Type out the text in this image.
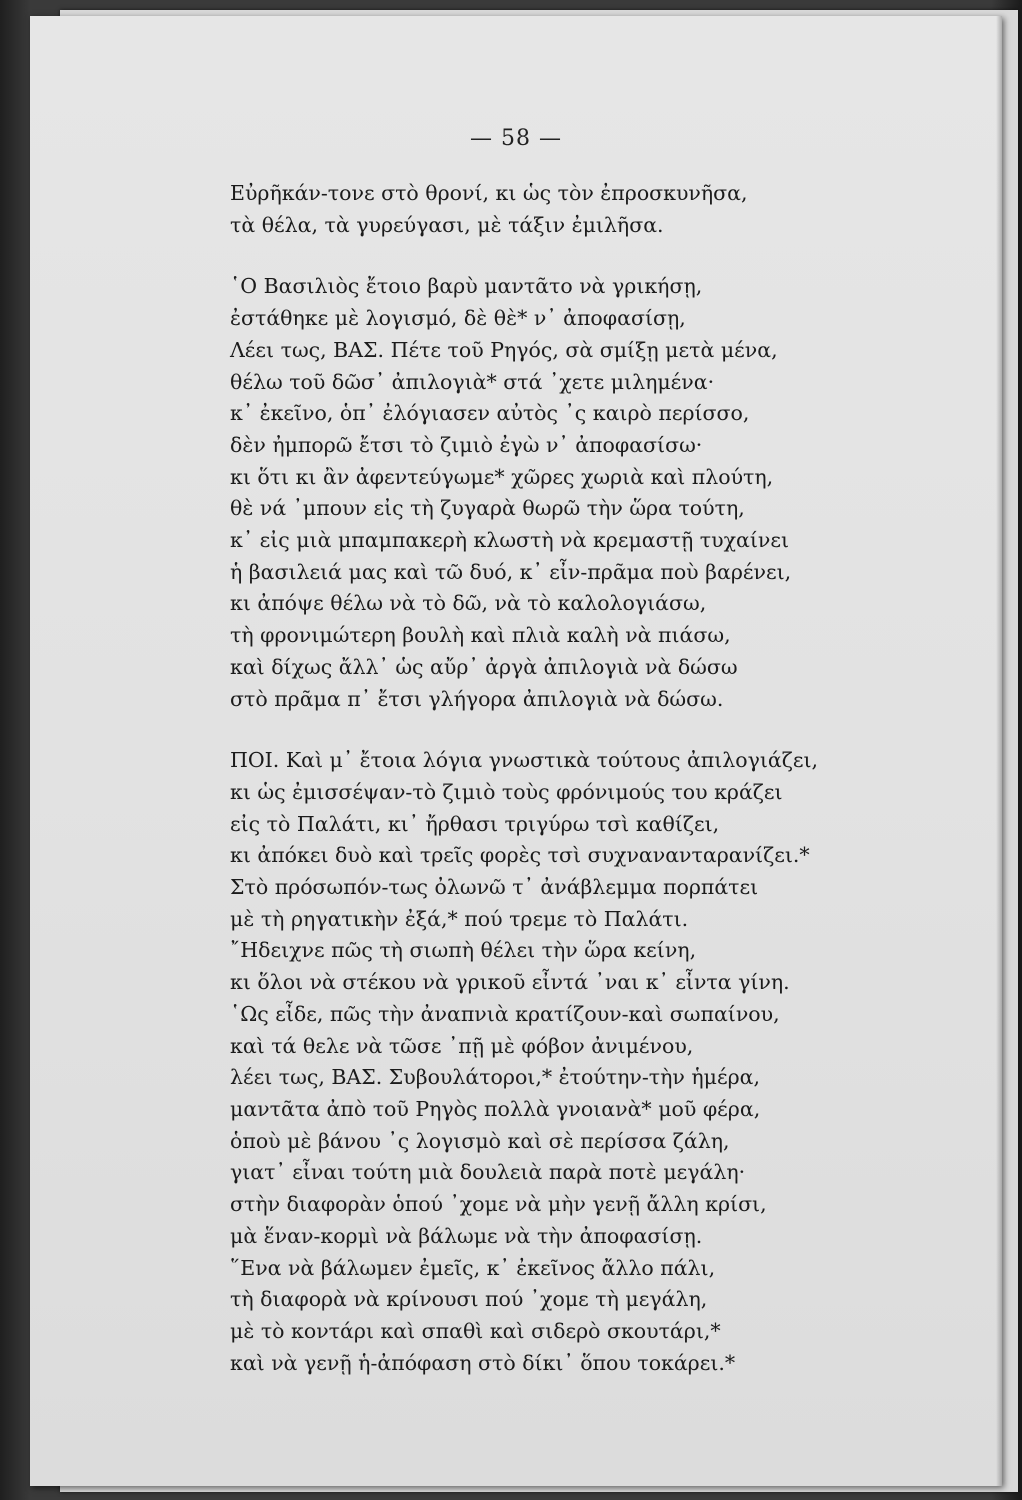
— 58 —
Εὐρῆκάν-τονε στὸ θρονί, κι ὡς τὸν ἐπροσκυνῆσα,
τὰ θέλα, τὰ γυρεύγασι, μὲ τάξιν ἐμιλῆσα.
῾Ο Βασιλιὸς ἔτοιο βαρὺ μαντᾶτο νὰ γρικήσῃ,
ἐστάθηκε μὲ λογισμό, δὲ θὲ* ν᾽ ἀποφασίσῃ,
Λέει τως, ΒΑΣ. Πέτε τοῦ Ρηγός, σὰ σμίξῃ μετὰ μένα,
θέλω τοῦ δῶσ᾽ ἀπιλογιὰ* στά ᾽χετε μιλημένα·
κ᾽ ἐκεῖνο, ὁπ᾽ ἐλόγιασεν αὐτὸς ᾽ς καιρὸ περίσσο,
δὲν ἠμπορῶ ἔτσι τὸ ζιμιὸ ἐγὼ ν᾽ ἀποφασίσω·
κι ὅτι κι ἂν ἀφεντεύγωμε* χῶρες χωριὰ καὶ πλούτη,
θὲ νά ᾽μπουν εἰς τὴ ζυγαρὰ θωρῶ τὴν ὥρα τούτη,
κ᾽ εἰς μιὰ μπαμπακερὴ κλωστὴ νὰ κρεμαστῇ τυχαίνει
ἡ βασιλειά μας καὶ τῶ δυό, κ᾽ εἶν-πρᾶμα ποὺ βαρένει,
κι ἀπόψε θέλω νὰ τὸ δῶ, νὰ τὸ καλολογιάσω,
τὴ φρονιμώτερη βουλὴ καὶ πλιὰ καλὴ νὰ πιάσω,
καὶ δίχως ἄλλ᾽ ὡς αὔρ᾽ ἀργὰ ἀπιλογιὰ νὰ δώσω
στὸ πρᾶμα π᾽ ἔτσι γλήγορα ἀπιλογιὰ νὰ δώσω.
ΠΟΙ. Καὶ μ᾽ ἔτοια λόγια γνωστικὰ τούτους ἀπιλογιάζει,
κι ὡς ἐμισσέψαν-τὸ ζιμιὸ τοὺς φρόνιμούς του κράζει
εἰς τὸ Παλάτι, κι᾽ ἤρθασι τριγύρω τσὶ καθίζει,
κι ἀπόκει δυὸ καὶ τρεῖς φορὲς τσὶ συχνανανταρανίζει.*
Στὸ πρόσωπόν-τως ὀλωνῶ τ᾽ ἀνάβλεμμα πορπάτει
μὲ τὴ ρηγατικὴν ἐξά,* πού τρεμε τὸ Παλάτι.
῎Ηδειχνε πῶς τὴ σιωπὴ θέλει τὴν ὥρα κείνη,
κι ὅλοι νὰ στέκου νὰ γρικοῦ εἶντά ᾽ναι κ᾽ εἶντα γίνη.
῾Ως εἶδε, πῶς τὴν ἀναπνιὰ κρατίζουν-καὶ σωπαίνου,
καὶ τά θελε νὰ τῶσε ᾽πῇ μὲ φόβον ἀνιμένου,
λέει τως, ΒΑΣ. Συβουλάτοροι,* ἐτούτην-τὴν ἡμέρα,
μαντᾶτα ἀπὸ τοῦ Ρηγὸς πολλὰ γνοιανὰ* μοῦ φέρα,
ὁποὺ μὲ βάνου ᾽ς λογισμὸ καὶ σὲ περίσσα ζάλη,
γιατ᾽ εἶναι τούτη μιὰ δουλειὰ παρὰ ποτὲ μεγάλη·
στὴν διαφορὰν ὁπού ᾽χομε νὰ μὴν γενῇ ἄλλη κρίσι,
μὰ ἕναν-κορμὶ νὰ βάλωμε νὰ τὴν ἀποφασίσῃ.
῞Ενα νὰ βάλωμεν ἐμεῖς, κ᾽ ἐκεῖνος ἄλλο πάλι,
τὴ διαφορὰ νὰ κρίνουσι πού ᾽χομε τὴ μεγάλη,
μὲ τὸ κοντάρι καὶ σπαθὶ καὶ σιδερὸ σκουτάρι,*
καὶ νὰ γενῇ ἡ-ἀπόφαση στὸ δίκι᾽ ὅπου τοκάρει.*
